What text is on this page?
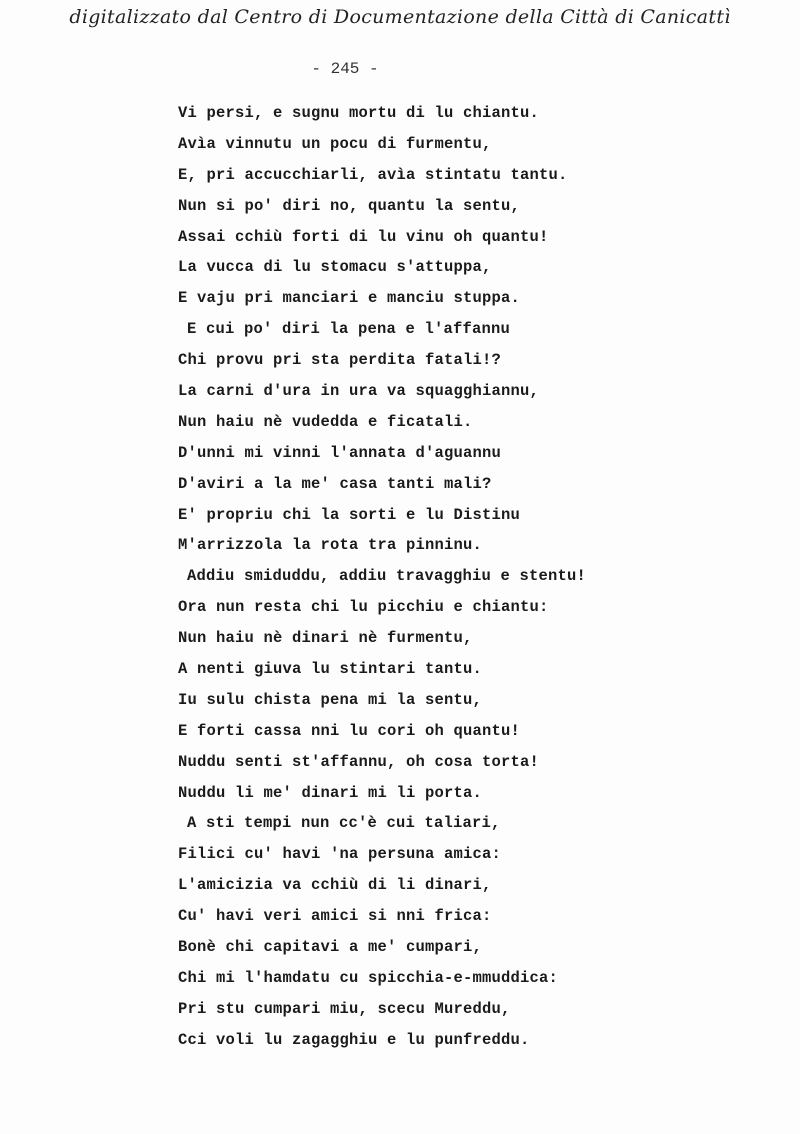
digitalizzato dal Centro di Documentazione della Città di Canicattì
- 245 -
Vi persi, e sugnu mortu di lu chiantu.
Avìa vinnutu un pocu di furmentu,
E, pri accucchiarli, avìa stintatu tantu.
Nun si po' diri no, quantu la sentu,
Assai cchiù forti di lu vinu oh quantu!
La vucca di lu stomacu s'attuppa,
E vaju pri manciari e manciu stuppa.
E cui po' diri la pena e l'affannu
Chi provu pri sta perdita fatali!?
La carni d'ura in ura va squagghiannu,
Nun haiu nè vudedda e ficatali.
D'unni mi vinni l'annata d'aguannu
D'aviri a la me' casa tanti mali?
E' propriu chi la sorti e lu Distinu
M'arrizzola la rota tra pinninu.
Addiu smiduddu, addiu travagghiu e stentu!
Ora nun resta chi lu picchiu e chiantu:
Nun haiu nè dinari nè furmentu,
A nenti giuva lu stintari tantu.
Iu sulu chista pena mi la sentu,
E forti cassa nni lu cori oh quantu!
Nuddu senti st'affannu, oh cosa torta!
Nuddu li me' dinari mi li porta.
A sti tempi nun cc'è cui taliari,
Filici cu' havi 'na persuna amica:
L'amicizia va cchiù di li dinari,
Cu' havi veri amici si nni frica:
Bonè chi capitavi a me' cumpari,
Chi mi l'hamdatu cu spicchia-e-mmuddica:
Pri stu cumpari miu, scecu Mureddu,
Cci voli lu zagagghiu e lu punfreddu.
